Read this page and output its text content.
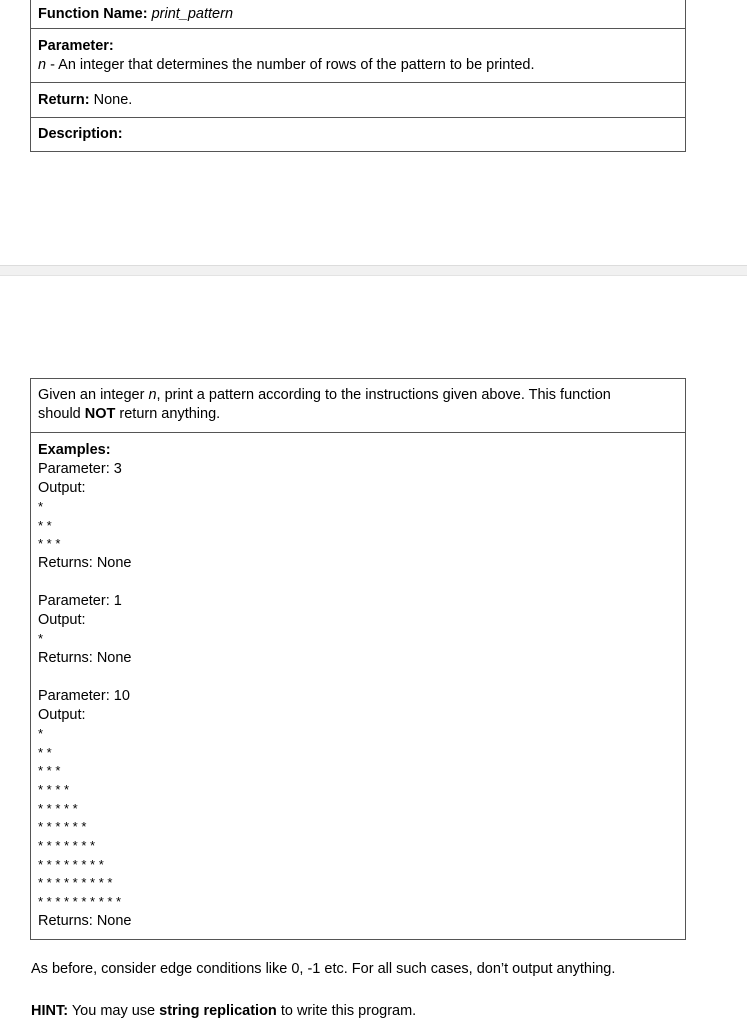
Function Name: print_pattern

Parameter:
n - An integer that determines the number of rows of the pattern to be printed.

Return: None.
Description:
Given an integer n, print a pattern according to the instructions given above. This function
should NOT return anything.

Examples:
Parameter: 3
Output:
*
* *
* * *
Returns: None
Parameter: 1
Output:
*
Returns: None
Parameter: 10
Output:
*
* *
* * *
* * * *
* * * * *
* * * * * *
* * * * * * *
* * * * * * * *
* * * * * * * * *
* * * * * * * * * *
Returns: None
As before, consider edge conditions like 0, -1 etc. For all such cases, don’t output anything.
HINT: You may use string replication to write this program.
